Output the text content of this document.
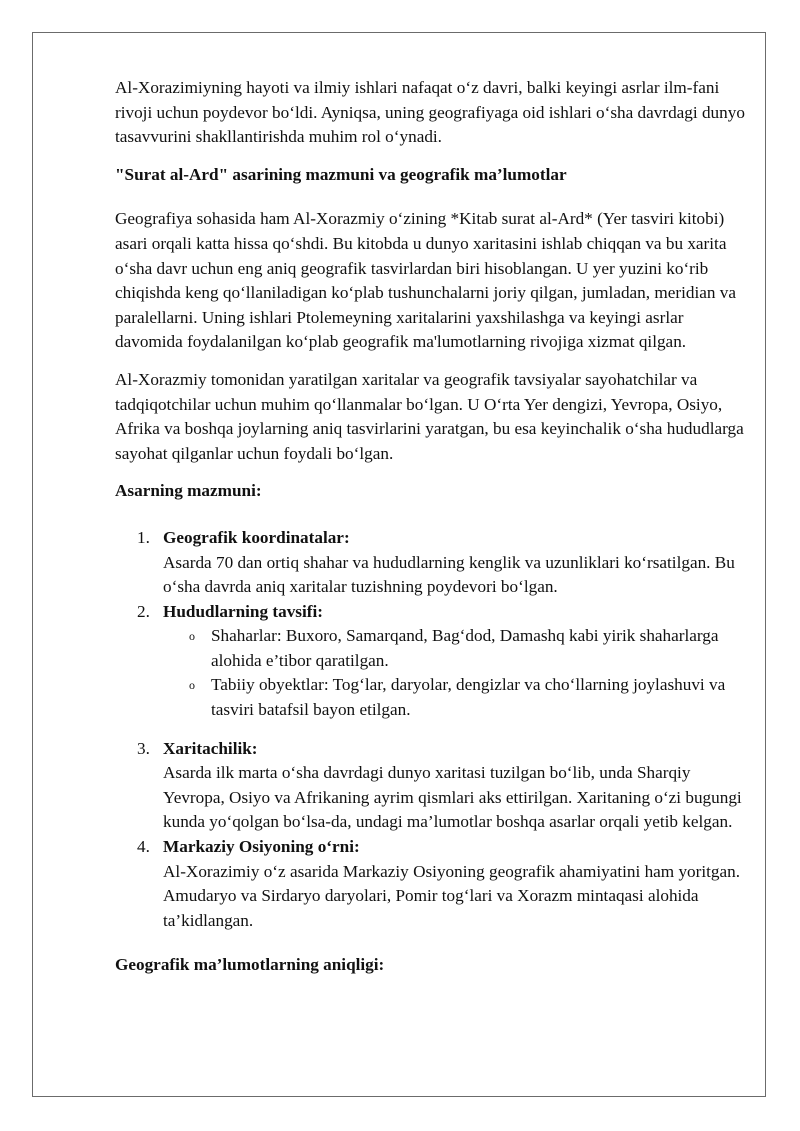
Al-Xorazimiyning hayoti va ilmiy ishlari nafaqat o‘z davri, balki keyingi asrlar ilm-fani rivoji uchun poydevor bo‘ldi. Ayniqsa, uning geografiyaga oid ishlari o‘sha davrdagi dunyo tasavvurini shakllantirishda muhim rol o‘ynadi.

"Surat al-Ard" asarining mazmuni va geografik ma’lumotlar

Geografiya sohasida ham Al-Xorazmiy o‘zining *Kitab surat al-Ard* (Yer tasviri kitobi) asari orqali katta hissa qo‘shdi. Bu kitobda u dunyo xaritasini ishlab chiqqan va bu xarita o‘sha davr uchun eng aniq geografik tasvirlardan biri hisoblangan. U yer yuzini ko‘rib chiqishda keng qo‘llaniladigan ko‘plab tushunchalarni joriy qilgan, jumladan, meridian va paralellarni. Uning ishlari Ptolemeyning xaritalarini yaxshilashga va keyingi asrlar davomida foydalanilgan ko‘plab geografik ma'lumotlarning rivojiga xizmat qilgan.

Al-Xorazmiy tomonidan yaratilgan xaritalar va geografik tavsiyalar sayohatchilar va tadqiqotchilar uchun muhim qo‘llanmalar bo‘lgan. U O‘rta Yer dengizi, Yevropa, Osiyo, Afrika va boshqa joylarning aniq tasvirlarini yaratgan, bu esa keyinchalik o‘sha hududlarga sayohat qilganlar uchun foydali bo‘lgan.

Asarning mazmuni:

1. Geografik koordinatalar:
Asarda 70 dan ortiq shahar va hududlarning kenglik va uzunliklari ko‘rsatilgan. Bu o‘sha davrda aniq xaritalar tuzishning poydevori bo‘lgan.
2. Hududlarning tavsifi:
o Shaharlar: Buxoro, Samarqand, Bag‘dod, Damashq kabi yirik shaharlarga alohida e’tibor qaratilgan.
o Tabiiy obyektlar: Tog‘lar, daryolar, dengizlar va cho‘llarning joylashuvi va tasviri batafsil bayon etilgan.
3. Xaritachilik:
Asarda ilk marta o‘sha davrdagi dunyo xaritasi tuzilgan bo‘lib, unda Sharqiy Yevropa, Osiyo va Afrikaning ayrim qismlari aks ettirilgan. Xaritaning o‘zi bugungi kunda yo‘qolgan bo‘lsa-da, undagi ma’lumotlar boshqa asarlar orqali yetib kelgan.
4. Markaziy Osiyoning o‘rni:
Al-Xorazimiy o‘z asarida Markaziy Osiyoning geografik ahamiyatini ham yoritgan. Amudaryo va Sirdaryo daryolari, Pomir tog‘lari va Xorazm mintaqasi alohida ta’kidlangan.

Geografik ma’lumotlarning aniqligi:
